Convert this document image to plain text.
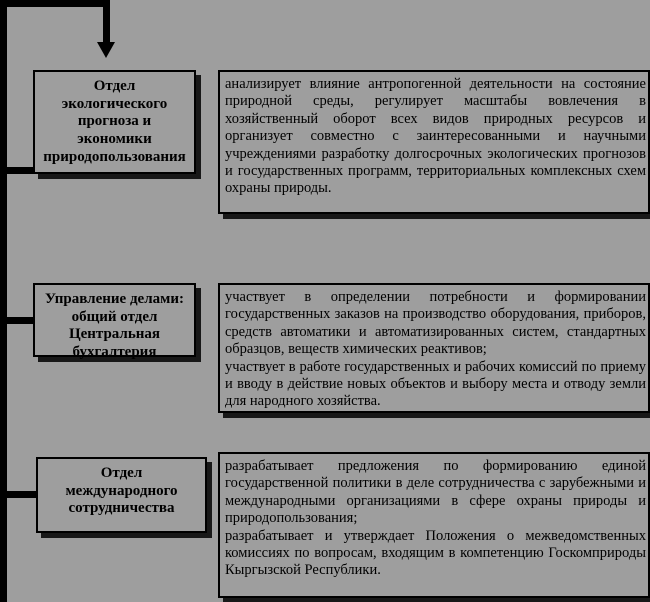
Отдел экологического прогноза и экономики природопользования

анализирует влияние антропогенной деятельности на состояние природной среды, регулирует масштабы вовлечения в хозяйственный оборот всех видов природных ресурсов и организует совместно с заинтересованными и научными учреждениями разработку долгосрочных экологических прогнозов и государственных программ, территориальных комплексных схем охраны природы.

Управление делами: общий отдел Центральная бухгалтерия

участвует в определении потребности и формировании государственных заказов на производство оборудования, приборов, средств автоматики и автоматизированных систем, стандартных образцов, веществ химических реактивов;

участвует в работе государственных и рабочих комиссий по приему и вводу в действие новых объектов и выбору места и отводу земли для народного хозяйства.

Отдел международного сотрудничества

разрабатывает предложения по формированию единой государственной политики в деле сотрудничества с зарубежными и международными организациями в сфере охраны природы и природопользования;

разрабатывает и утверждает Положения о межведомственных комиссиях по вопросам, входящим в компетенцию Госкомприроды Кыргызской Республики.
